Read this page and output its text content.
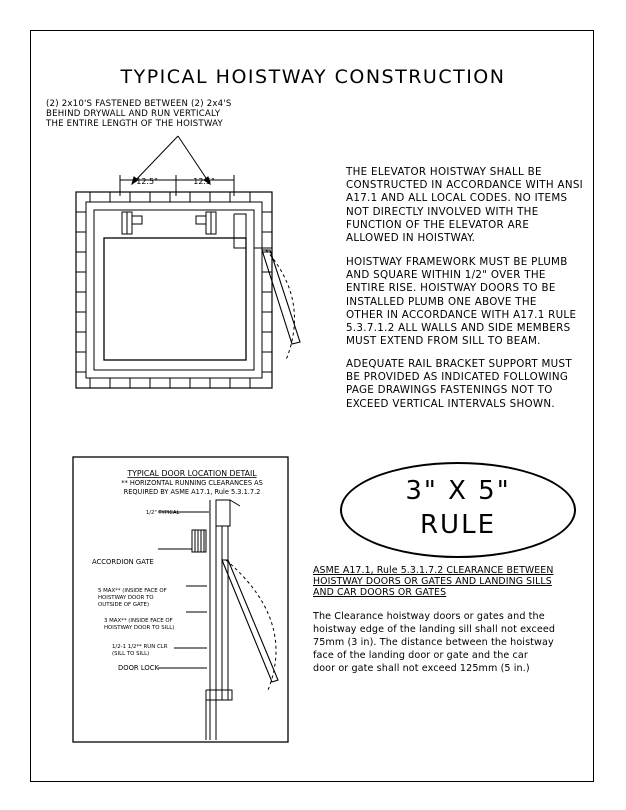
TYPICAL HOISTWAY CONSTRUCTION
(2) 2x10'S FASTENED BETWEEN (2) 2x4'S
BEHIND DRYWALL AND RUN VERTICALY
THE ENTIRE LENGTH OF THE HOISTWAY
12.5"	12.5"
THE ELEVATOR HOISTWAY SHALL BE
CONSTRUCTED IN ACCORDANCE WITH ANSI
A17.1 AND ALL LOCAL CODES. NO ITEMS
NOT DIRECTLY INVOLVED WITH THE
FUNCTION OF THE ELEVATOR ARE
ALLOWED IN HOISTWAY.
HOISTWAY FRAMEWORK MUST BE PLUMB
AND SQUARE WITHIN 1/2" OVER THE
ENTIRE RISE. HOISTWAY DOORS TO BE
INSTALLED PLUMB ONE ABOVE THE
OTHER IN ACCORDANCE WITH A17.1 RULE
5.3.7.1.2 ALL WALLS AND SIDE MEMBERS
MUST EXTEND FROM SILL TO BEAM.
ADEQUATE RAIL BRACKET SUPPORT MUST
BE PROVIDED AS INDICATED FOLLOWING
PAGE DRAWINGS FASTENINGS NOT TO
EXCEED VERTICAL INTERVALS SHOWN.
TYPICAL DOOR LOCATION DETAIL
** HORIZONTAL RUNNING CLEARANCES AS
REQUIRED BY ASME A17.1, Rule 5.3.1.7.2
1/2" TYPICAL
ACCORDION GATE
5 MAX** (INSIDE FACE OF
HOISTWAY DOOR TO
OUTSIDE OF GATE)
3 MAX** (INSIDE FACE OF
HOISTWAY DOOR TO SILL)
1/2-1 1/2** RUN CLR
(SILL TO SILL)
DOOR LOCK
3" X 5"
RULE
ASME A17.1, Rule 5.3.1.7.2 CLEARANCE BETWEEN
HOISTWAY DOORS OR GATES AND LANDING SILLS
AND CAR DOORS OR GATES
The Clearance hoistway doors or gates and the
hoistway edge of the landing sill shall not exceed
75mm (3 in). The distance between the hoistway
face of the landing door or gate and the car
door or gate shall not exceed 125mm (5 in.)
